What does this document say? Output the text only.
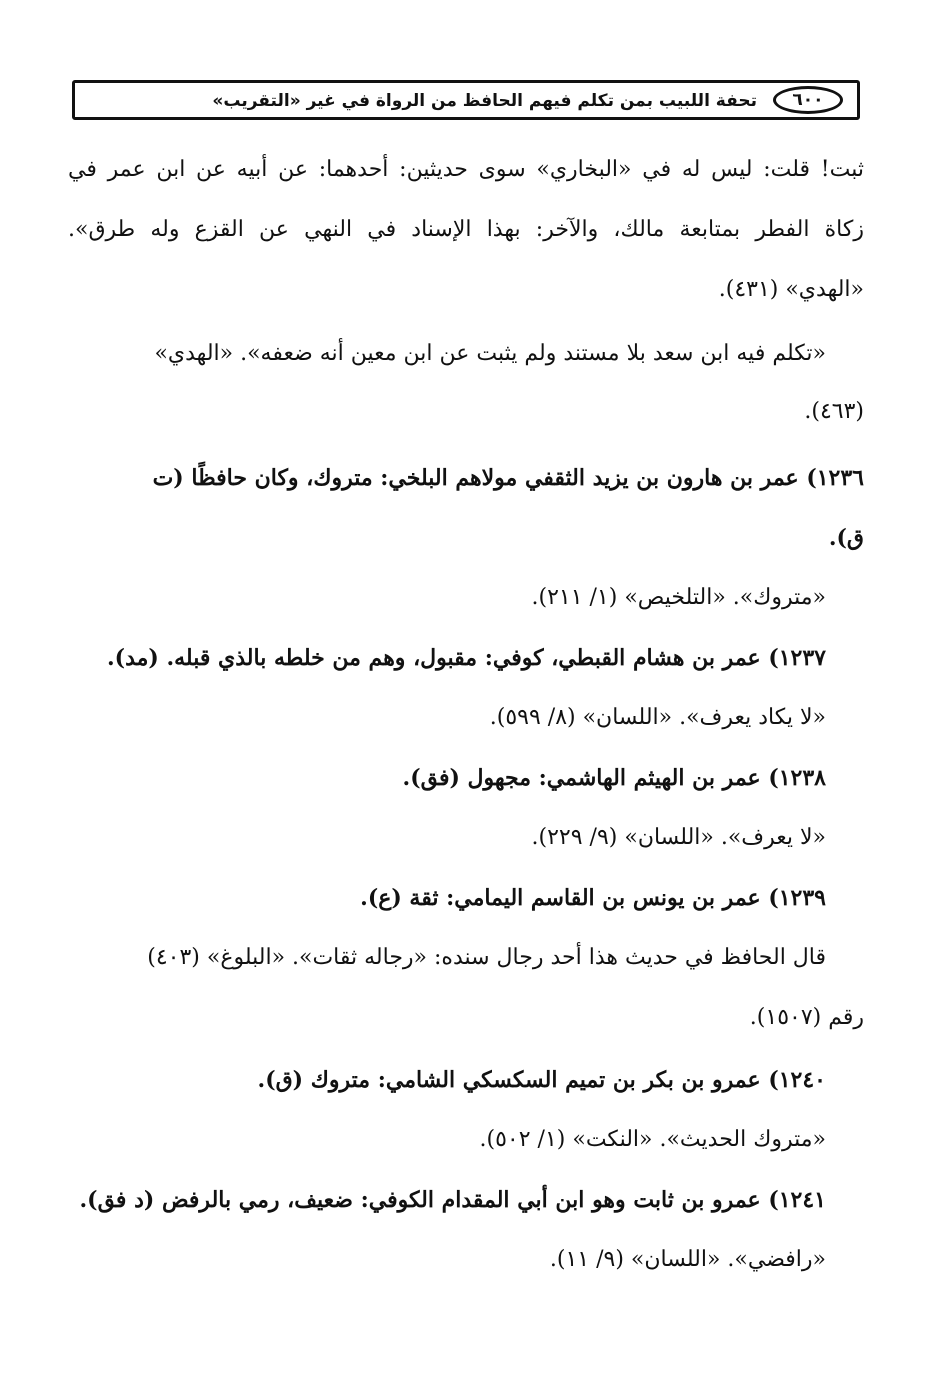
٦٠٠
تحفة اللبيب بمن تكلم فيهم الحافظ من الرواة في غير «التقريب»
ثبت! قلت: ليس له في «البخاري» سوى حديثين: أحدهما: عن أبيه عن ابن عمر في
زكاة الفطر بمتابعة مالك، والآخر: بهذا الإسناد في النهي عن القزع وله طرق».
«الهدي» (٤٣١).
«تكلم فيه ابن سعد بلا مستند ولم يثبت عن ابن معين أنه ضعفه». «الهدي»
(٤٦٣).
١٢٣٦) عمر بن هارون بن يزيد الثقفي مولاهم البلخي: متروك، وكان حافظًا (ت
ق).
«متروك». «التلخيص» (١/ ٢١١).
١٢٣٧) عمر بن هشام القبطي، كوفي: مقبول، وهم من خلطه بالذي قبله. (مد).
«لا يكاد يعرف». «اللسان» (٨/ ٥٩٩).
١٢٣٨) عمر بن الهيثم الهاشمي: مجهول (فق).
«لا يعرف». «اللسان» (٩/ ٢٢٩).
١٢٣٩) عمر بن يونس بن القاسم اليمامي: ثقة (ع).
قال الحافظ في حديث هذا أحد رجال سنده: «رجاله ثقات». «البلوغ» (٤٠٣)
رقم (١٥٠٧).
١٢٤٠) عمرو بن بكر بن تميم السكسكي الشامي: متروك (ق).
«متروك الحديث». «النكت» (١/ ٥٠٢).
١٢٤١) عمرو بن ثابت وهو ابن أبي المقدام الكوفي: ضعيف، رمي بالرفض (د فق).
«رافضي». «اللسان» (٩/ ١١).
